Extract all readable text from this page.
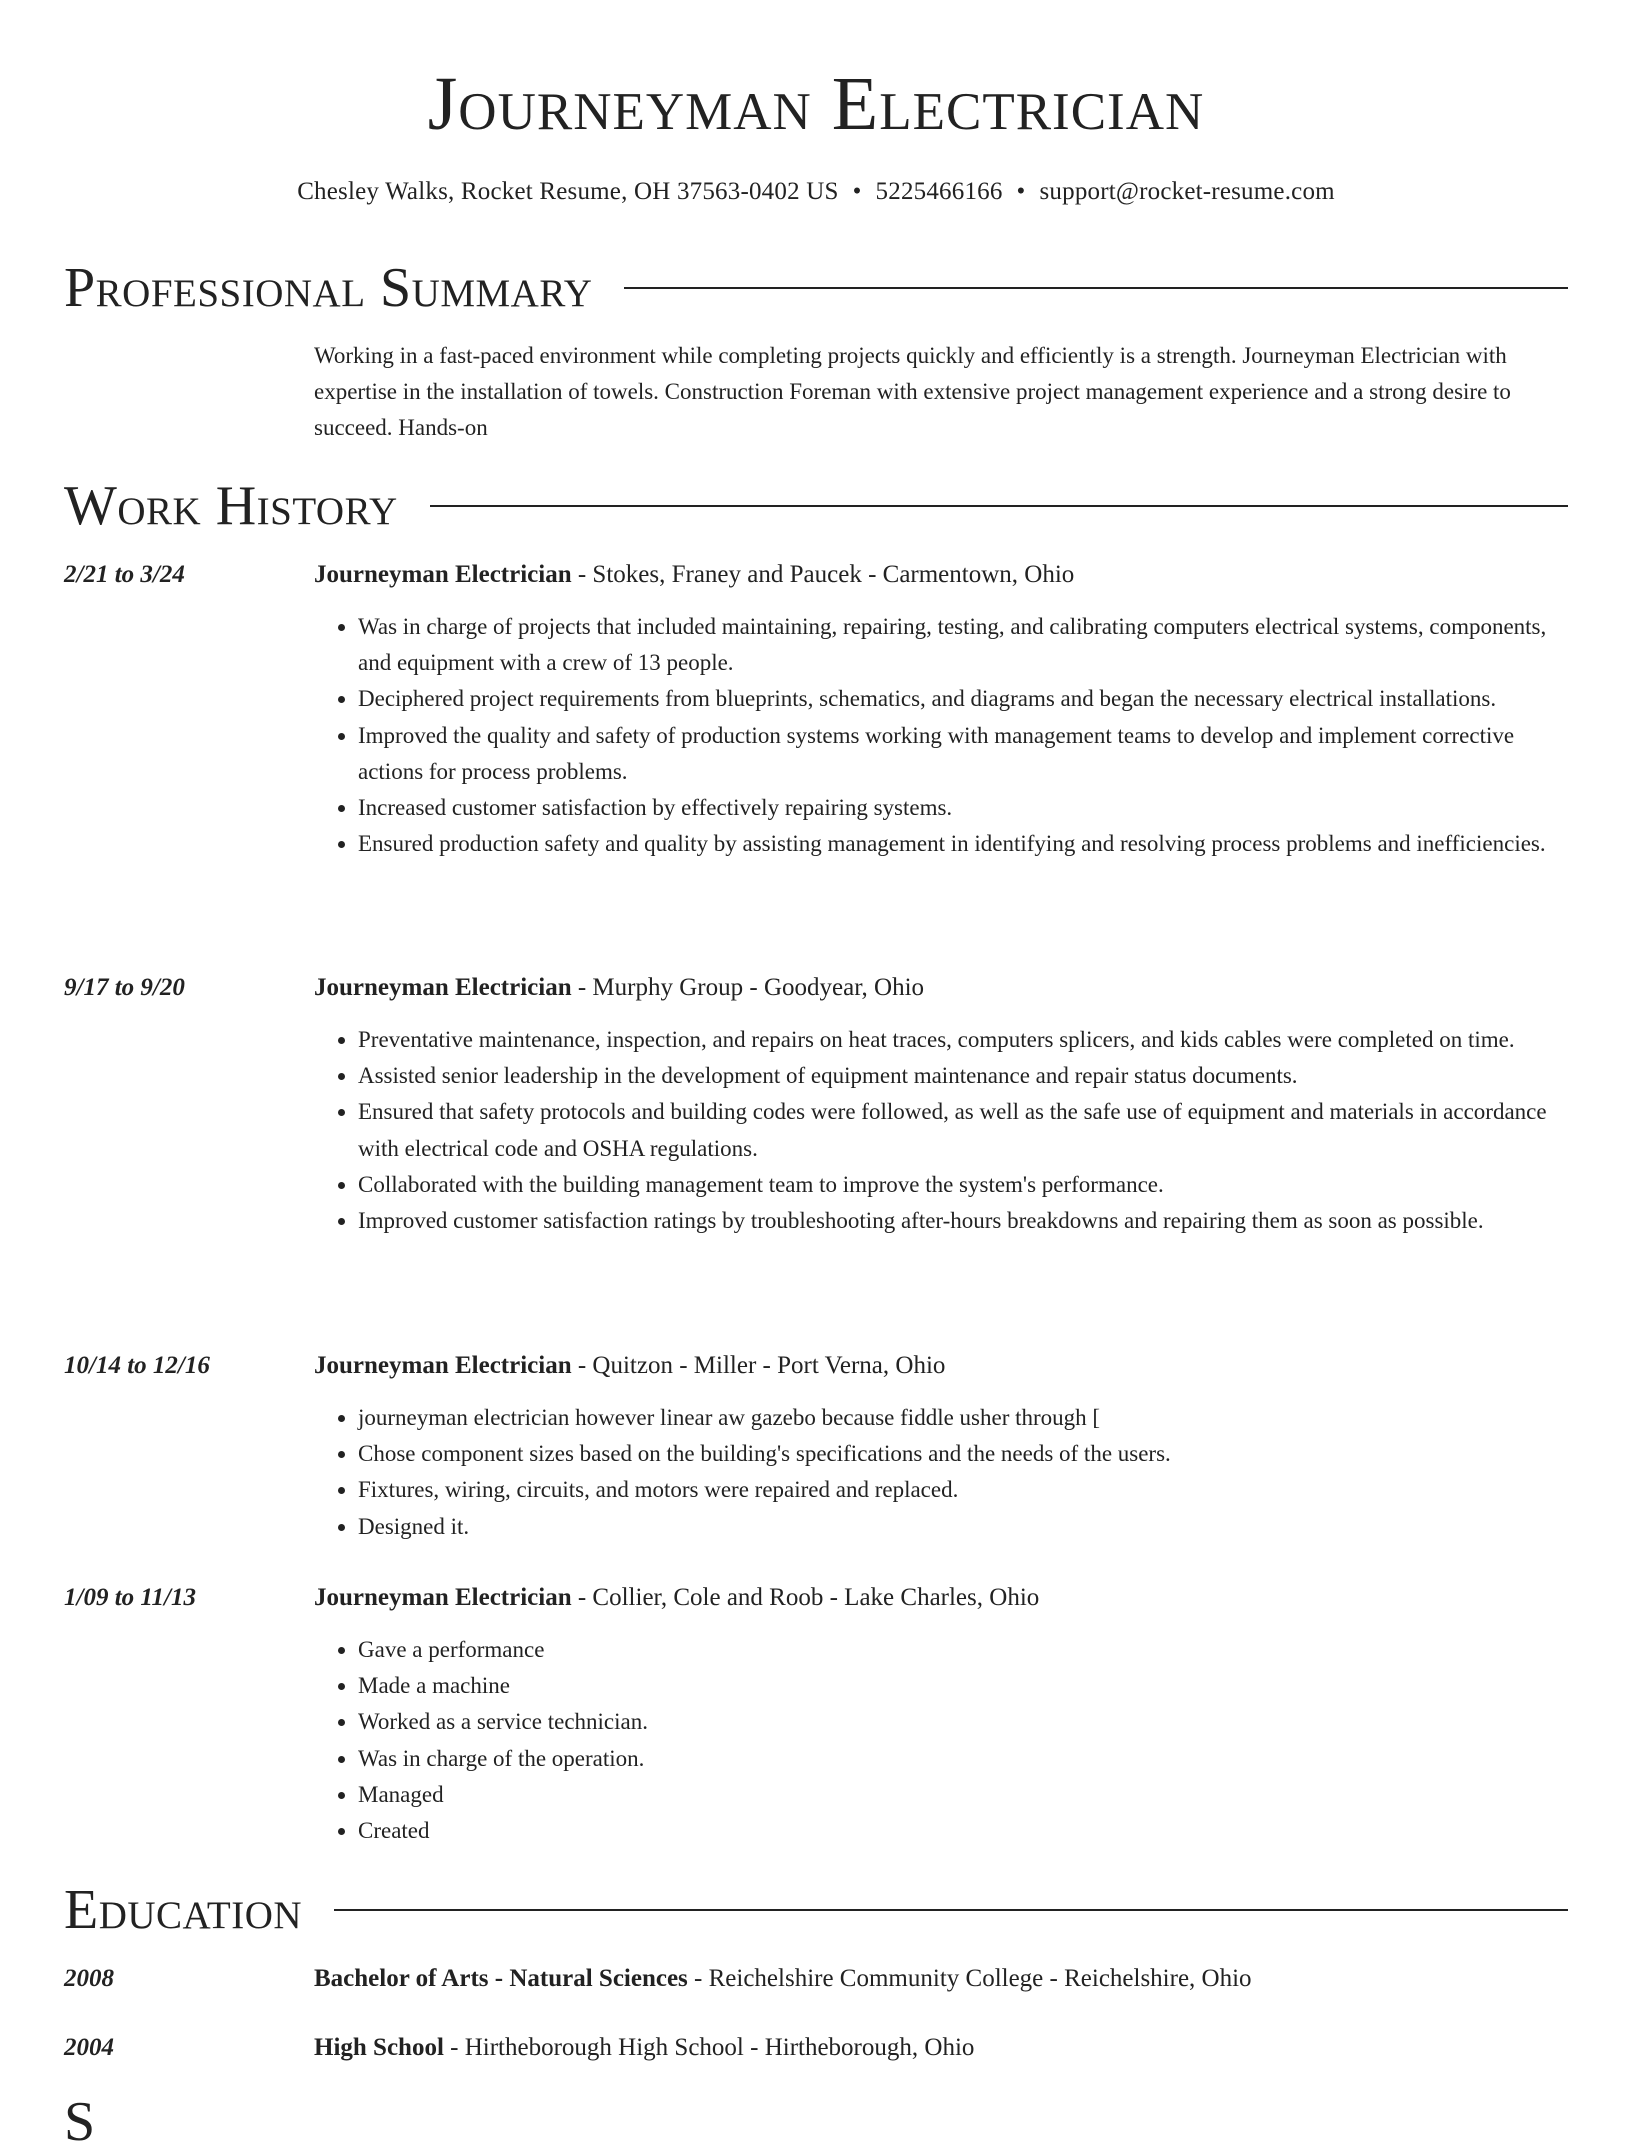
Journeyman Electrician
Chesley Walks, Rocket Resume, OH 37563-0402 US • 5225466166 • support@rocket-resume.com
Professional Summary

Working in a fast-paced environment while completing projects quickly and efficiently is a strength. Journeyman Electrician with expertise in the installation of towels. Construction Foreman with extensive project management experience and a strong desire to succeed. Hands-on

Work History
2/21 to 3/24	Journeyman Electrician - Stokes, Franey and Paucek - Carmentown, Ohio
• Was in charge of projects that included maintaining, repairing, testing, and calibrating computers electrical systems, components, and equipment with a crew of 13 people.
• Deciphered project requirements from blueprints, schematics, and diagrams and began the necessary electrical installations.
• Improved the quality and safety of production systems working with management teams to develop and implement corrective actions for process problems.
• Increased customer satisfaction by effectively repairing systems.
• Ensured production safety and quality by assisting management in identifying and resolving process problems and inefficiencies.
9/17 to 9/20	Journeyman Electrician - Murphy Group - Goodyear, Ohio
• Preventative maintenance, inspection, and repairs on heat traces, computers splicers, and kids cables were completed on time.
• Assisted senior leadership in the development of equipment maintenance and repair status documents.
• Ensured that safety protocols and building codes were followed, as well as the safe use of equipment and materials in accordance with electrical code and OSHA regulations.
• Collaborated with the building management team to improve the system's performance.
• Improved customer satisfaction ratings by troubleshooting after-hours breakdowns and repairing them as soon as possible.
10/14 to 12/16	Journeyman Electrician - Quitzon - Miller - Port Verna, Ohio
• journeyman electrician however linear aw gazebo because fiddle usher through [
• Chose component sizes based on the building's specifications and the needs of the users.
• Fixtures, wiring, circuits, and motors were repaired and replaced.
• Designed it.
1/09 to 11/13	Journeyman Electrician - Collier, Cole and Roob - Lake Charles, Ohio
• Gave a performance
• Made a machine
• Worked as a service technician.
• Was in charge of the operation.
• Managed
• Created
Education
2008	Bachelor of Arts - Natural Sciences - Reichelshire Community College - Reichelshire, Ohio
2004	High School - Hirtheborough High School - Hirtheborough, Ohio
S
